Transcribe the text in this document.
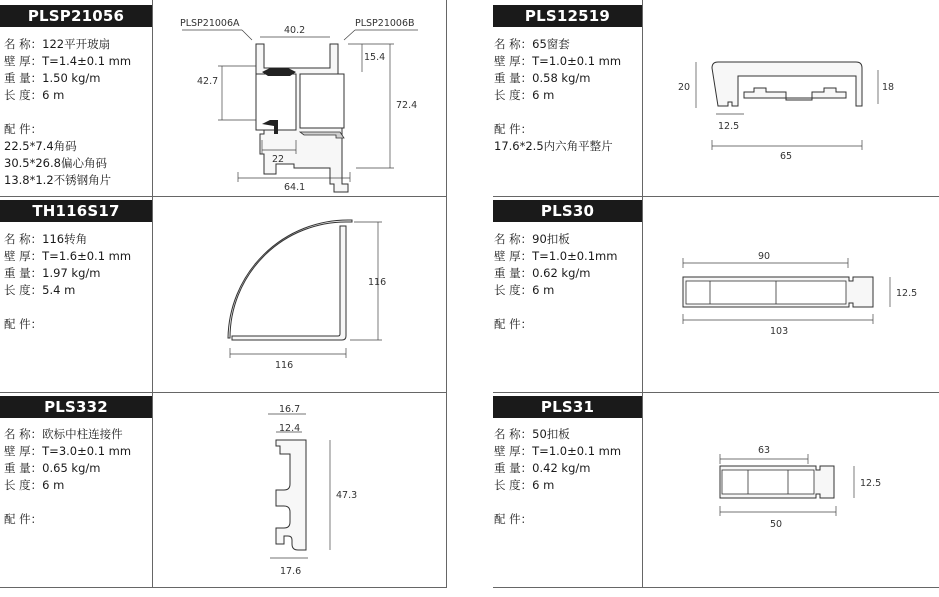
PLSP21056
名 称：122平开玻扇
壁 厚：T=1.4±0.1 mm
重 量：1.50 kg/m
长 度：6 m
配 件：
22.5*7.4角码
30.5*26.8偏心角码
13.8*1.2不锈钢角片
PLS12519
名 称：65窗套
壁 厚：T=1.0±0.1 mm
重 量：0.58 kg/m
长 度：6 m
配 件：
17.6*2.5内六角平整片
TH116S17
名 称：116转角
壁 厚：T=1.6±0.1 mm
重 量：1.97 kg/m
长 度：5.4 m
配 件：
PLS30
名 称：90扣板
壁 厚：T=1.0±0.1mm
重 量：0.62 kg/m
长 度：6 m
配 件：
PLS332
名 称：欧标中柱连接件
壁 厚：T=3.0±0.1 mm
重 量：0.65 kg/m
长 度：6 m
配 件：
PLS31
名 称：50扣板
壁 厚：T=1.0±0.1 mm
重 量：0.42 kg/m
长 度：6 m
配 件：
PLSP21006A	PLSP21006B
40.2
42.7
15.4
72.4
22
64.1
20	18
12.5
65
116
116
90
12.5
103
16.7
12.4
47.3
17.6
63
12.5
50
